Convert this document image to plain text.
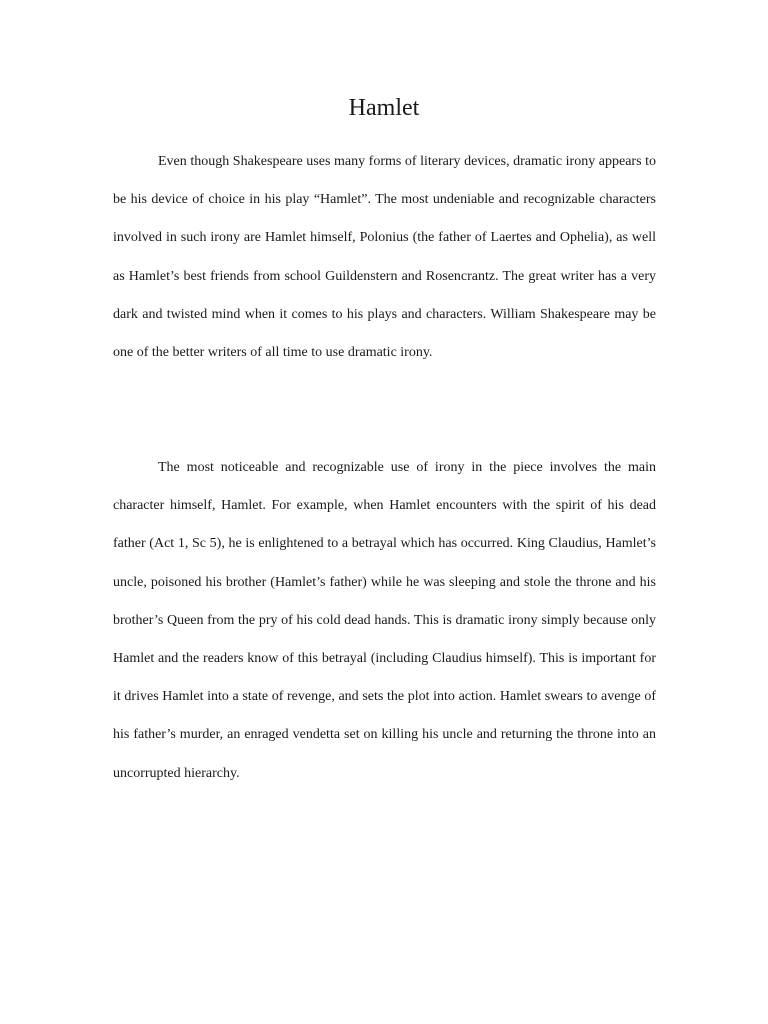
Hamlet

Even though Shakespeare uses many forms of literary devices, dramatic irony appears to be his device of choice in his play “Hamlet”. The most undeniable and recognizable characters involved in such irony are Hamlet himself, Polonius (the father of Laertes and Ophelia), as well as Hamlet’s best friends from school Guildenstern and Rosencrantz. The great writer has a very dark and twisted mind when it comes to his plays and characters. William Shakespeare may be one of the better writers of all time to use dramatic irony.

The most noticeable and recognizable use of irony in the piece involves the main character himself, Hamlet. For example, when Hamlet encounters with the spirit of his dead father (Act 1, Sc 5), he is enlightened to a betrayal which has occurred. King Claudius, Hamlet’s uncle, poisoned his brother (Hamlet’s father) while he was sleeping and stole the throne and his brother’s Queen from the pry of his cold dead hands. This is dramatic irony simply because only Hamlet and the readers know of this betrayal (including Claudius himself). This is important for it drives Hamlet into a state of revenge, and sets the plot into action. Hamlet swears to avenge of his father’s murder, an enraged vendetta set on killing his uncle and returning the throne into an uncorrupted hierarchy.
